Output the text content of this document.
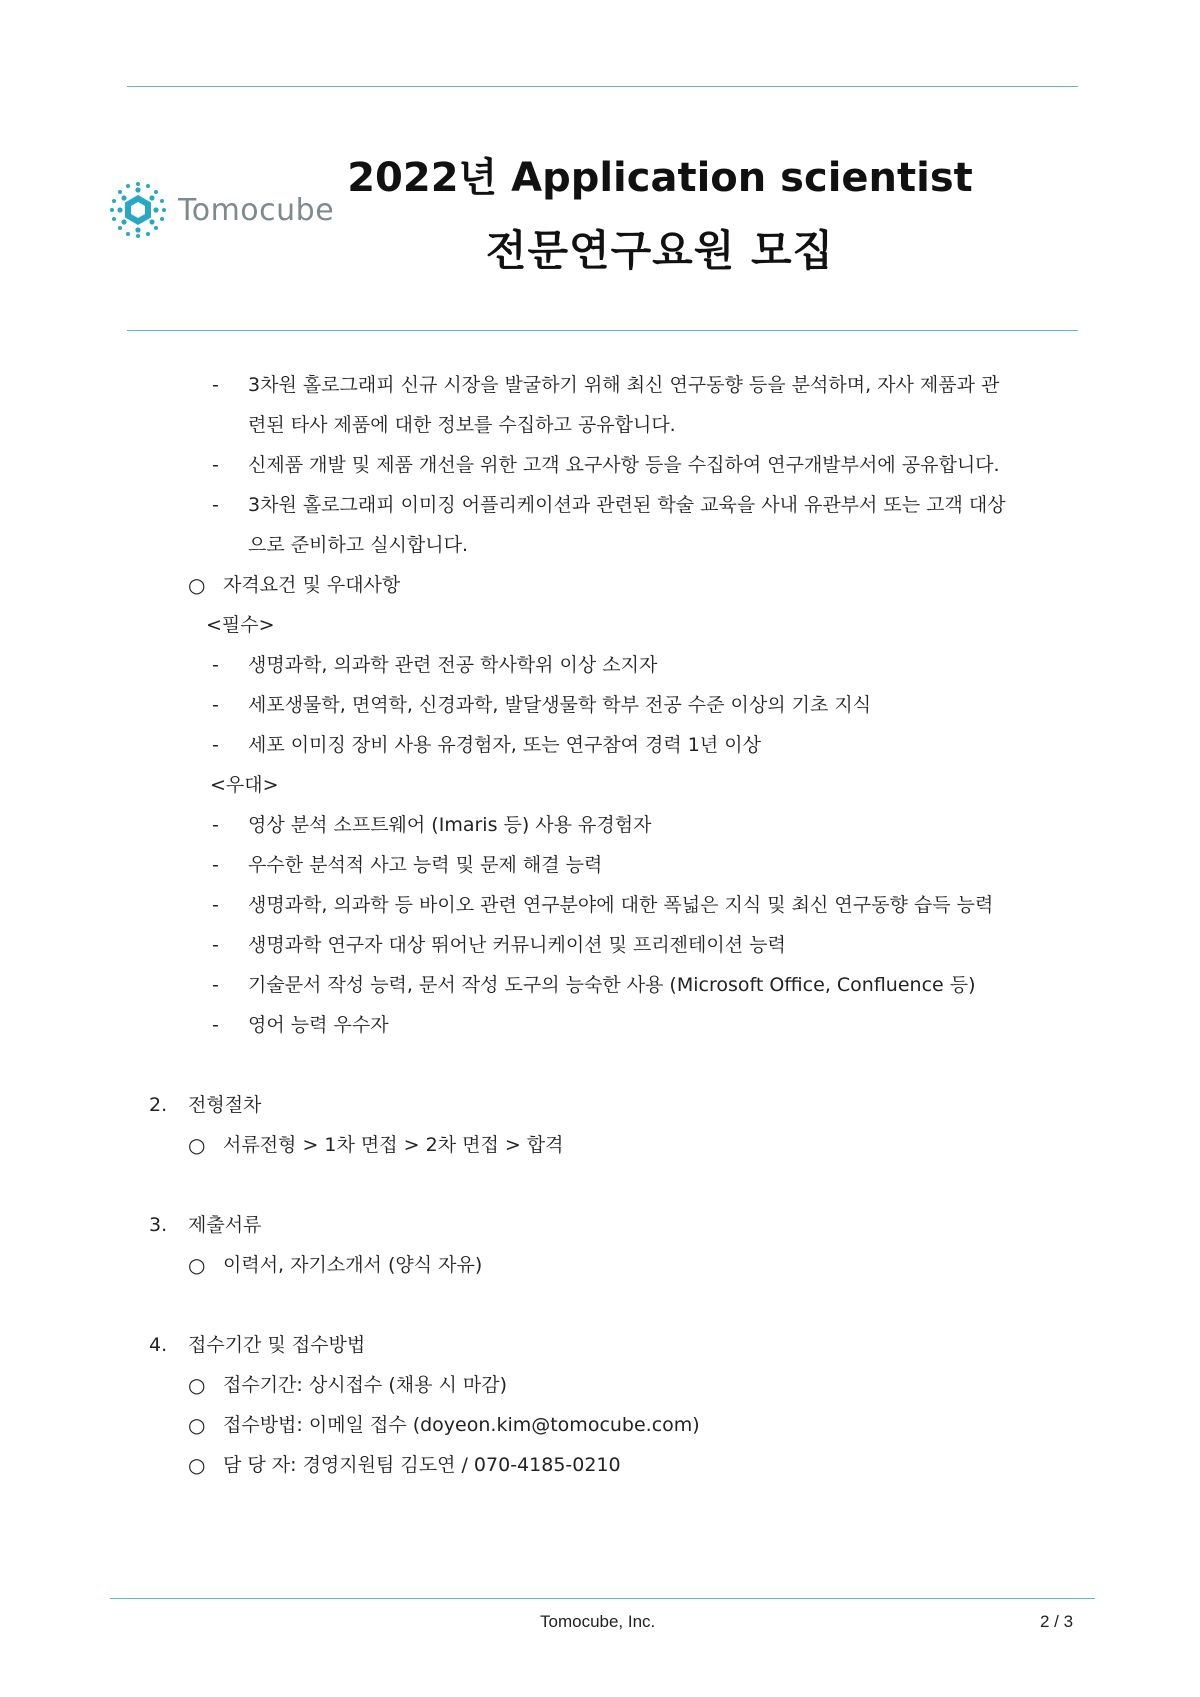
Tomocube
2022년 Application scientist
전문연구요원 모집
- 3차원 홀로그래피 신규 시장을 발굴하기 위해 최신 연구동향 등을 분석하며, 자사 제품과 관
련된 타사 제품에 대한 정보를 수집하고 공유합니다.
- 신제품 개발 및 제품 개선을 위한 고객 요구사항 등을 수집하여 연구개발부서에 공유합니다.
- 3차원 홀로그래피 이미징 어플리케이션과 관련된 학술 교육을 사내 유관부서 또는 고객 대상
으로 준비하고 실시합니다.
○ 자격요건 및 우대사항
<필수>
- 생명과학, 의과학 관련 전공 학사학위 이상 소지자
- 세포생물학, 면역학, 신경과학, 발달생물학 학부 전공 수준 이상의 기초 지식
- 세포 이미징 장비 사용 유경험자, 또는 연구참여 경력 1년 이상
<우대>
- 영상 분석 소프트웨어 (Imaris 등) 사용 유경험자
- 우수한 분석적 사고 능력 및 문제 해결 능력
- 생명과학, 의과학 등 바이오 관련 연구분야에 대한 폭넓은 지식 및 최신 연구동향 습득 능력
- 생명과학 연구자 대상 뛰어난 커뮤니케이션 및 프리젠테이션 능력
- 기술문서 작성 능력, 문서 작성 도구의 능숙한 사용 (Microsoft Office, Confluence 등)
- 영어 능력 우수자
2. 전형절차
○ 서류전형 > 1차 면접 > 2차 면접 > 합격
3. 제출서류
○ 이력서, 자기소개서 (양식 자유)
4. 접수기간 및 접수방법
○ 접수기간: 상시접수 (채용 시 마감)
○ 접수방법: 이메일 접수 (doyeon.kim@tomocube.com)
○ 담 당 자: 경영지원팀 김도연 / 070-4185-0210
Tomocube, Inc.	2 / 3
